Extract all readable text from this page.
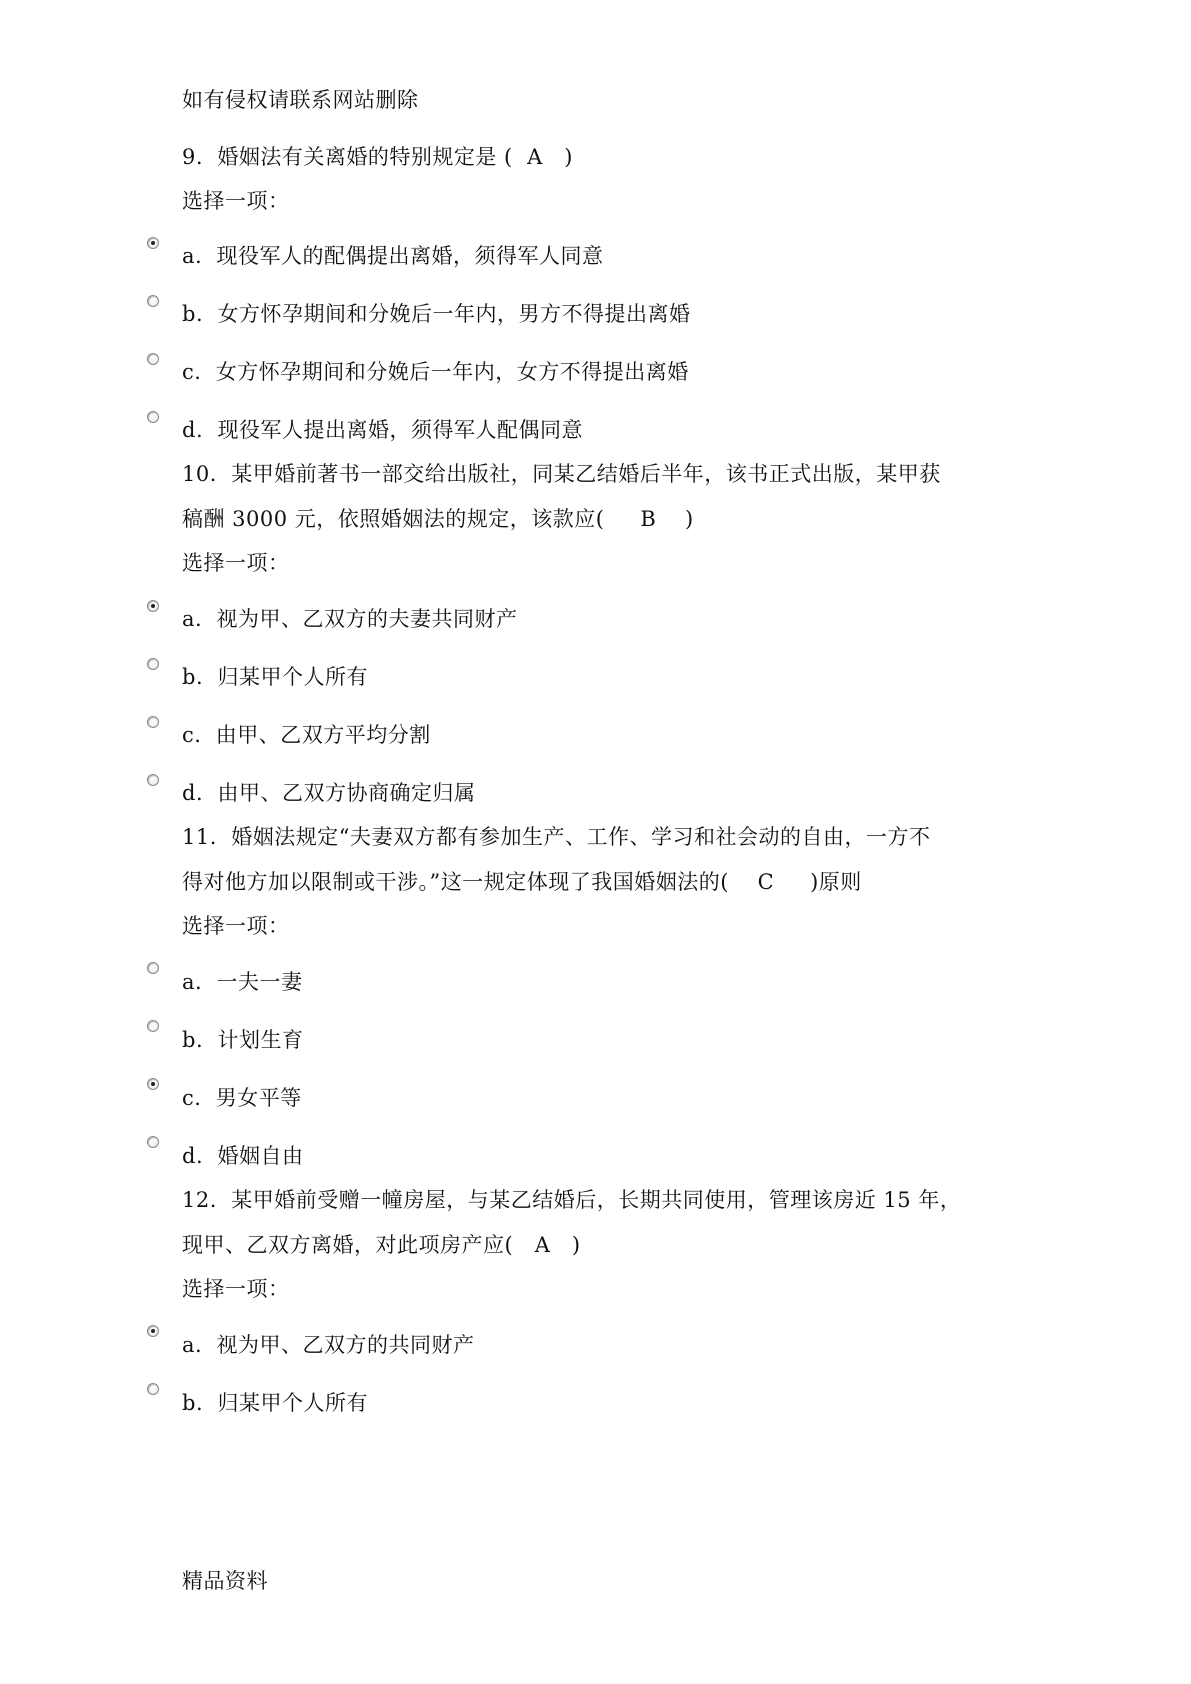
如有侵权请联系网站删除
9.  婚姻法有关离婚的特别规定是 (  A   )
选择一项：
a.  现役军人的配偶提出离婚，须得军人同意
b.  女方怀孕期间和分娩后一年内，男方不得提出离婚
c.  女方怀孕期间和分娩后一年内，女方不得提出离婚
d.  现役军人提出离婚，须得军人配偶同意
10.  某甲婚前著书一部交给出版社，同某乙结婚后半年，该书正式出版，某甲获
稿酬 3000 元，依照婚姻法的规定，该款应(     B    )
选择一项：
a.  视为甲、乙双方的夫妻共同财产
b.  归某甲个人所有
c.  由甲、乙双方平均分割
d.  由甲、乙双方协商确定归属
11.  婚姻法规定“夫妻双方都有参加生产、工作、学习和社会动的自由，一方不
得对他方加以限制或干涉。”这一规定体现了我国婚姻法的(    C     )原则
选择一项：
a.  一夫一妻
b.  计划生育
c.  男女平等
d.  婚姻自由
12.  某甲婚前受赠一幢房屋，与某乙结婚后，长期共同使用，管理该房近 15 年，
现甲、乙双方离婚，对此项房产应(   A   )
选择一项：
a.  视为甲、乙双方的共同财产
b.  归某甲个人所有
精品资料
